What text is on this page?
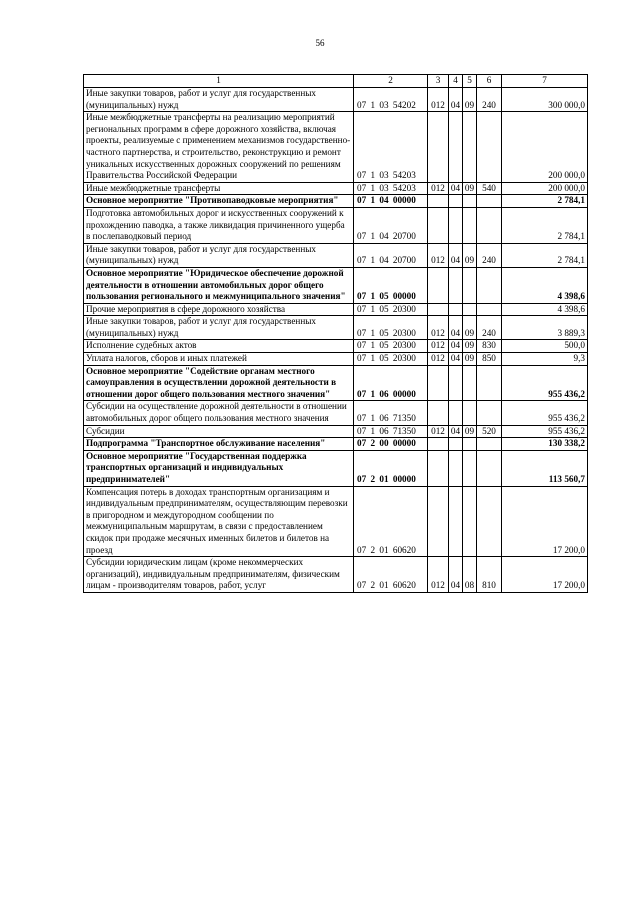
56
1	2	3	4	5	6	7
Иные закупки товаров, работ и услуг для государственных (муниципальных) нужд	07 1 03 54202	012	04	09	240	300 000,0
Иные межбюджетные трансферты на реализацию мероприятий региональных программ в сфере дорожного хозяйства, включая проекты, реализуемые с применением механизмов государственно-частного партнерства, и строительство, реконструкцию и ремонт уникальных искусственных дорожных сооружений по решениям Правительства Российской Федерации	07 1 03 54203					200 000,0
Иные межбюджетные трансферты	07 1 03 54203	012	04	09	540	200 000,0
Основное мероприятие "Противопаводковые мероприятия"	07 1 04 00000					2 784,1
Подготовка автомобильных дорог и искусственных сооружений к прохождению паводка, а также ликвидация причиненного ущерба в послепаводковый период	07 1 04 20700					2 784,1
Иные закупки товаров, работ и услуг для государственных (муниципальных) нужд	07 1 04 20700	012	04	09	240	2 784,1
Основное мероприятие "Юридическое обеспечение дорожной деятельности в отношении автомобильных дорог общего пользования регионального и межмуниципального значения"	07 1 05 00000					4 398,6
Прочие мероприятия в сфере дорожного хозяйства	07 1 05 20300					4 398,6
Иные закупки товаров, работ и услуг для государственных (муниципальных) нужд	07 1 05 20300	012	04	09	240	3 889,3
Исполнение судебных актов	07 1 05 20300	012	04	09	830	500,0
Уплата налогов, сборов и иных платежей	07 1 05 20300	012	04	09	850	9,3
Основное мероприятие "Содействие органам местного самоуправления в осуществлении дорожной деятельности в отношении дорог общего пользования местного значения"	07 1 06 00000					955 436,2
Субсидии на осуществление дорожной деятельности в отношении автомобильных дорог общего пользования местного значения	07 1 06 71350					955 436,2
Субсидии	07 1 06 71350	012	04	09	520	955 436,2
Подпрограмма "Транспортное обслуживание населения"	07 2 00 00000					130 338,2
Основное мероприятие "Государственная поддержка транспортных организаций и индивидуальных предпринимателей"	07 2 01 00000					113 560,7
Компенсация потерь в доходах транспортным организациям и индивидуальным предпринимателям, осуществляющим перевозки в пригородном и междугородном сообщении по межмуниципальным маршрутам, в связи с предоставлением скидок при продаже месячных именных билетов и билетов на проезд	07 2 01 60620					17 200,0
Субсидии юридическим лицам (кроме некоммерческих организаций), индивидуальным предпринимателям, физическим лицам - производителям товаров, работ, услуг	07 2 01 60620	012	04	08	810	17 200,0
